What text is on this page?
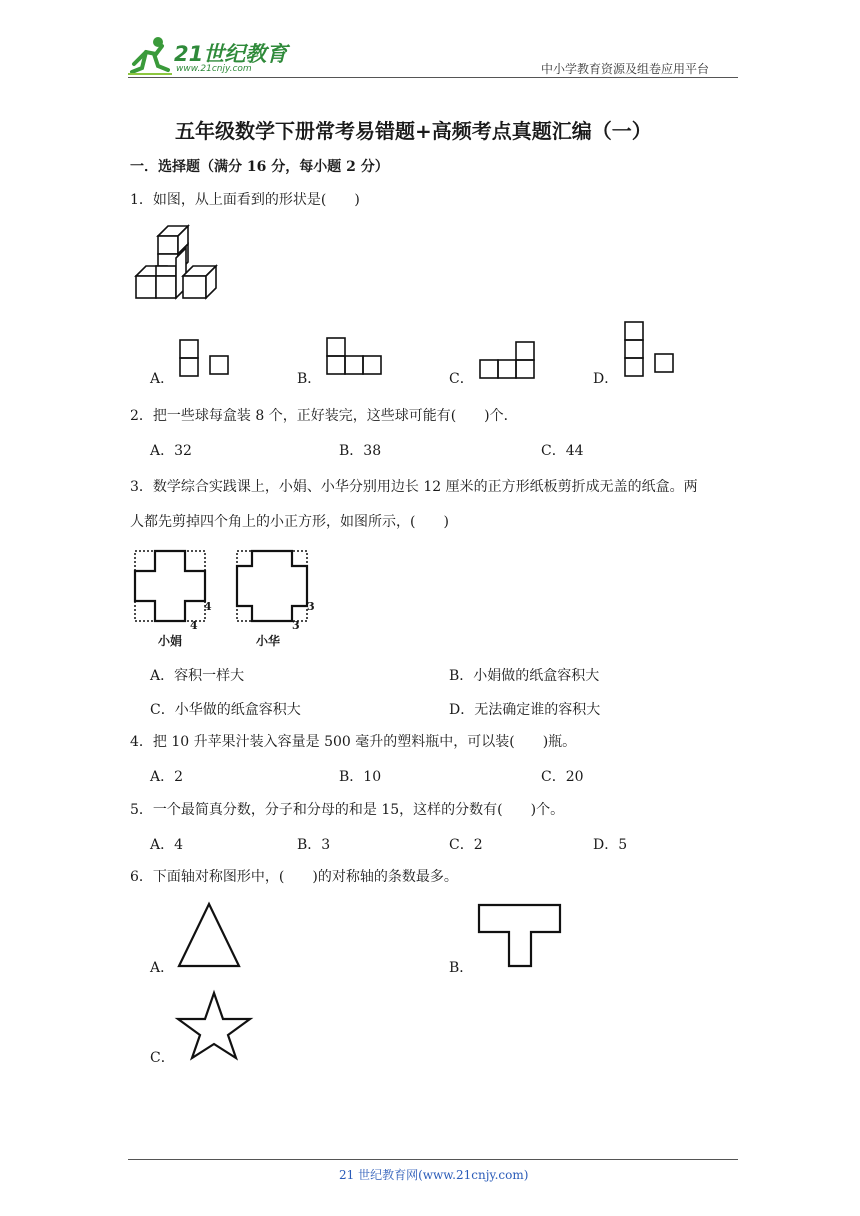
21世纪教育
www.21cnjy.com	中小学教育资源及组卷应用平台
五年级数学下册常考易错题+高频考点真题汇编（一）
一．选择题（满分 16 分，每小题 2 分）
1．如图，从上面看到的形状是(　　)
A．	B．	C．	D．
2．把一些球每盒装 8 个，正好装完，这些球可能有(　　)个．
A．32	B．38	C．44
3．数学综合实践课上，小娟、小华分别用边长 12 厘米的正方形纸板剪折成无盖的纸盒。两
人都先剪掉四个角上的小正方形，如图所示，(　　)
4
4
3
3
小娟	小华
A．容积一样大	B．小娟做的纸盒容积大
C．小华做的纸盒容积大	D．无法确定谁的容积大
4．把 10 升苹果汁装入容量是 500 毫升的塑料瓶中，可以装(　　)瓶。
A．2	B．10	C．20
5．一个最简真分数，分子和分母的和是 15，这样的分数有(　　)个。
A．4	B．3	C．2	D．5
6．下面轴对称图形中，(　　)的对称轴的条数最多。
A．	B．
C．
21 世纪教育网(www.21cnjy.com)
